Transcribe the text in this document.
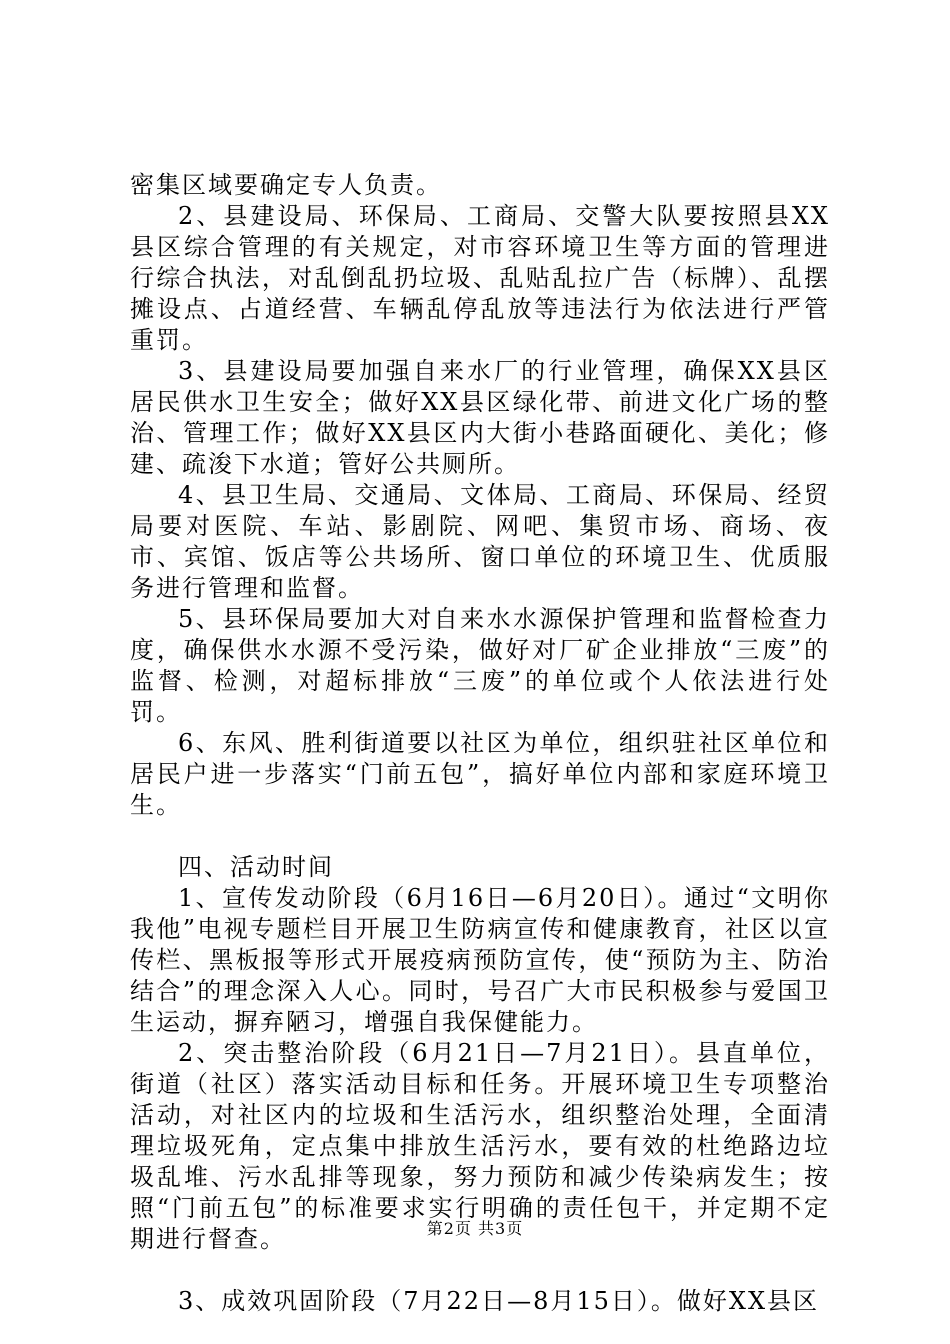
密集区域要确定专人负责。

2、县建设局、环保局、工商局、交警大队要按照县XX县区综合管理的有关规定，对市容环境卫生等方面的管理进行综合执法，对乱倒乱扔垃圾、乱贴乱拉广告（标牌）、乱摆摊设点、占道经营、车辆乱停乱放等违法行为依法进行严管重罚。

3、县建设局要加强自来水厂的行业管理，确保XX县区居民供水卫生安全；做好XX县区绿化带、前进文化广场的整治、管理工作；做好XX县区内大街小巷路面硬化、美化；修建、疏浚下水道；管好公共厕所。

4、县卫生局、交通局、文体局、工商局、环保局、经贸局要对医院、车站、影剧院、网吧、集贸市场、商场、夜市、宾馆、饭店等公共场所、窗口单位的环境卫生、优质服务进行管理和监督。

5、县环保局要加大对自来水水源保护管理和监督检查力度，确保供水水源不受污染，做好对厂矿企业排放“三废”的监督、检测，对超标排放“三废”的单位或个人依法进行处罚。

6、东风、胜利街道要以社区为单位，组织驻社区单位和居民户进一步落实“门前五包”，搞好单位内部和家庭环境卫生。

四、活动时间

1、宣传发动阶段（6月16日—6月20日）。通过“文明你我他”电视专题栏目开展卫生防病宣传和健康教育，社区以宣传栏、黑板报等形式开展疫病预防宣传，使“预防为主、防治结合”的理念深入人心。同时，号召广大市民积极参与爱国卫生运动，摒弃陋习，增强自我保健能力。

2、突击整治阶段（6月21日—7月21日）。县直单位，街道（社区）落实活动目标和任务。开展环境卫生专项整治活动，对社区内的垃圾和生活污水，组织整治处理，全面清理垃圾死角，定点集中排放生活污水，要有效的杜绝路边垃圾乱堆、污水乱排等现象，努力预防和减少传染病发生；按照“门前五包”的标准要求实行明确的责任包干，并定期不定期进行督查。

3、成效巩固阶段（7月22日—8月15日）。做好XX县区

第2页 共3页
